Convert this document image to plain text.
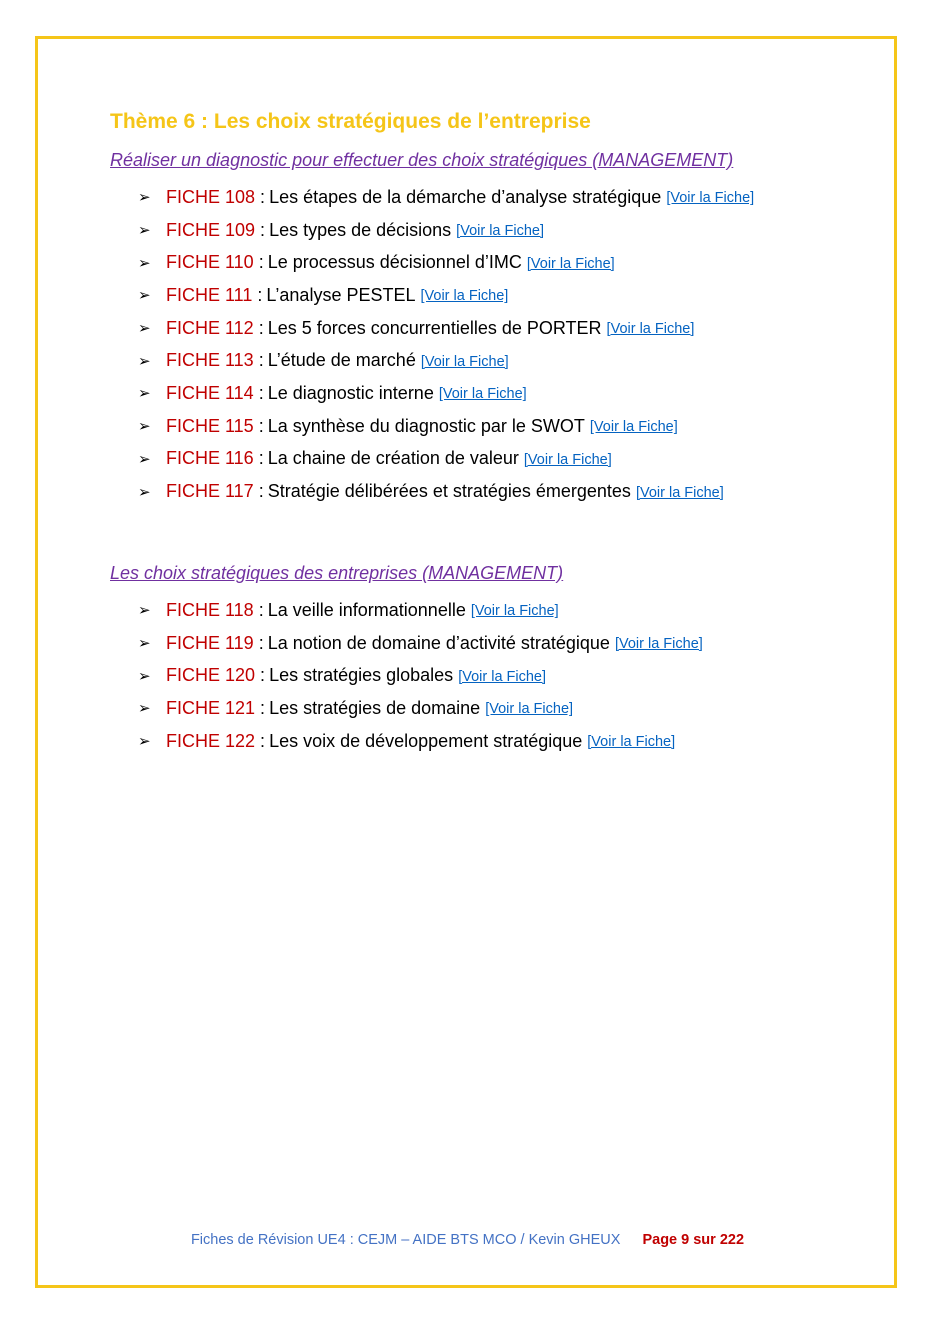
Thème 6 : Les choix stratégiques de l’entreprise
Réaliser un diagnostic pour effectuer des choix stratégiques (MANAGEMENT)
➢ FICHE 108 : Les étapes de la démarche d’analyse stratégique [Voir la Fiche]
➢ FICHE 109 : Les types de décisions [Voir la Fiche]
➢ FICHE 110 : Le processus décisionnel d’IMC [Voir la Fiche]
➢ FICHE 111 : L’analyse PESTEL [Voir la Fiche]
➢ FICHE 112 : Les 5 forces concurrentielles de PORTER [Voir la Fiche]
➢ FICHE 113 : L’étude de marché [Voir la Fiche]
➢ FICHE 114 : Le diagnostic interne [Voir la Fiche]
➢ FICHE 115 : La synthèse du diagnostic par le SWOT [Voir la Fiche]
➢ FICHE 116 : La chaine de création de valeur [Voir la Fiche]
➢ FICHE 117 : Stratégie délibérées et stratégies émergentes [Voir la Fiche]
Les choix stratégiques des entreprises (MANAGEMENT)
➢ FICHE 118 : La veille informationnelle [Voir la Fiche]
➢ FICHE 119 : La notion de domaine d’activité stratégique [Voir la Fiche]
➢ FICHE 120 : Les stratégies globales [Voir la Fiche]
➢ FICHE 121 : Les stratégies de domaine [Voir la Fiche]
➢ FICHE 122 : Les voix de développement stratégique [Voir la Fiche]
Fiches de Révision UE4 : CEJM – AIDE BTS MCO / Kevin GHEUX Page 9 sur 222
